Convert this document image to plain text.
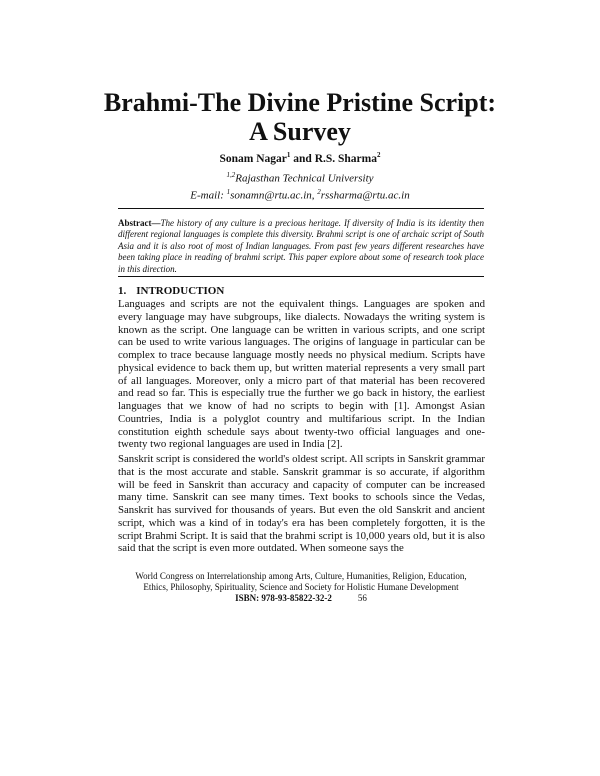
Brahmi-The Divine Pristine Script:
A Survey
Sonam Nagar$^1$ and R.S. Sharma$^2$
$^{1,2}$Rajasthan Technical University
E-mail: $^1$sonamn@rtu.ac.in, $^2$rssharma@rtu.ac.in
Abstract—The history of any culture is a precious heritage. If diversity of India is its identity then different regional languages is complete this diversity. Brahmi script is one of archaic script of South Asia and it is also root of most of Indian languages. From past few years different researches have been taking place in reading of brahmi script. This paper explore about some of research took place in this direction.
1. INTRODUCTION

Languages and scripts are not the equivalent things. Languages are spoken and every language may have subgroups, like dialects. Nowadays the writing system is known as the script. One language can be written in various scripts, and one script can be used to write various languages. The origins of language in particular can be complex to trace because language mostly needs no physical medium. Scripts have physical evidence to back them up, but written material represents a very small part of all languages. Moreover, only a micro part of that material has been recovered and read so far. This is especially true the further we go back in history, the earliest languages that we know of had no scripts to begin with [1]. Amongst Asian Countries, India is a polyglot country and multifarious script. In the Indian constitution eighth schedule says about twenty-two official languages and one-twenty two regional languages are used in India [2].

Sanskrit script is considered the world's oldest script. All scripts in Sanskrit grammar that is the most accurate and stable. Sanskrit grammar is so accurate, if algorithm will be feed in Sanskrit than accuracy and capacity of computer can be increased many time. Sanskrit can see many times. Text books to schools since the Vedas, Sanskrit has survived for thousands of years. But even the old Sanskrit and ancient script, which was a kind of in today's era has been completely forgotten, it is the script Brahmi Script. It is said that the brahmi script is 10,000 years old, but it is also said that the script is even more outdated. When someone says the

World Congress on Interrelationship among Arts, Culture, Humanities, Religion, Education,
Ethics, Philosophy, Spirituality, Science and Society for Holistic Humane Development
ISBN: 978-93-85822-32-2	56
